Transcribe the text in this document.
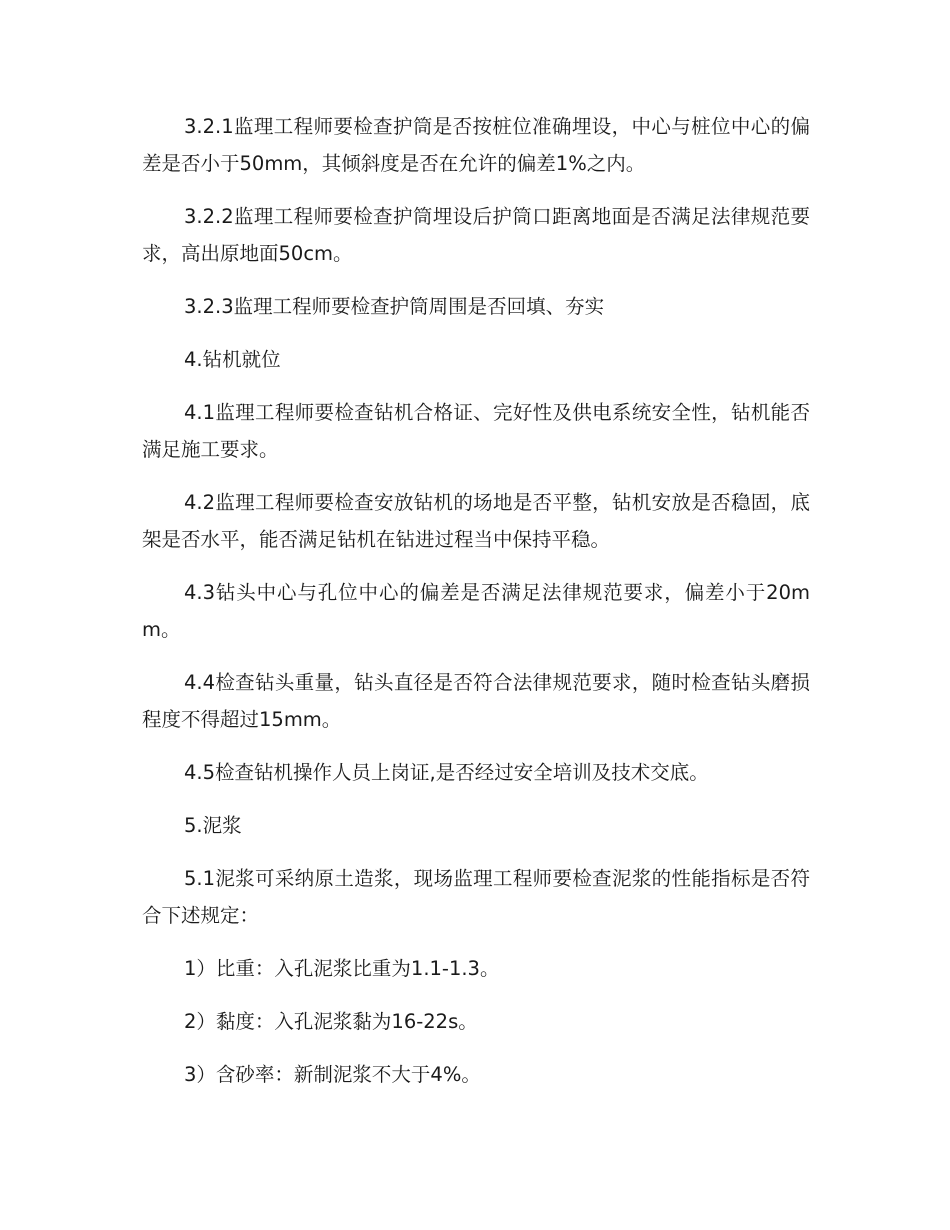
3.2.1监理工程师要检查护筒是否按桩位准确埋设，中心与桩位中心的偏差是否小于50mm，其倾斜度是否在允许的偏差1%之内。

3.2.2监理工程师要检查护筒埋设后护筒口距离地面是否满足法律规范要求，高出原地面50cm。

3.2.3监理工程师要检查护筒周围是否回填、夯实

4.钻机就位

4.1监理工程师要检查钻机合格证、完好性及供电系统安全性，钻机能否满足施工要求。

4.2监理工程师要检查安放钻机的场地是否平整，钻机安放是否稳固，底架是否水平，能否满足钻机在钻进过程当中保持平稳。

4.3钻头中心与孔位中心的偏差是否满足法律规范要求，偏差小于20mm。

4.4检查钻头重量，钻头直径是否符合法律规范要求，随时检查钻头磨损程度不得超过15mm。

4.5检查钻机操作人员上岗证,是否经过安全培训及技术交底。

5.泥浆

5.1泥浆可采纳原土造浆，现场监理工程师要检查泥浆的性能指标是否符合下述规定：

1）比重：入孔泥浆比重为1.1-1.3。

2）黏度：入孔泥浆黏为16-22s。

3）含砂率：新制泥浆不大于4%。
